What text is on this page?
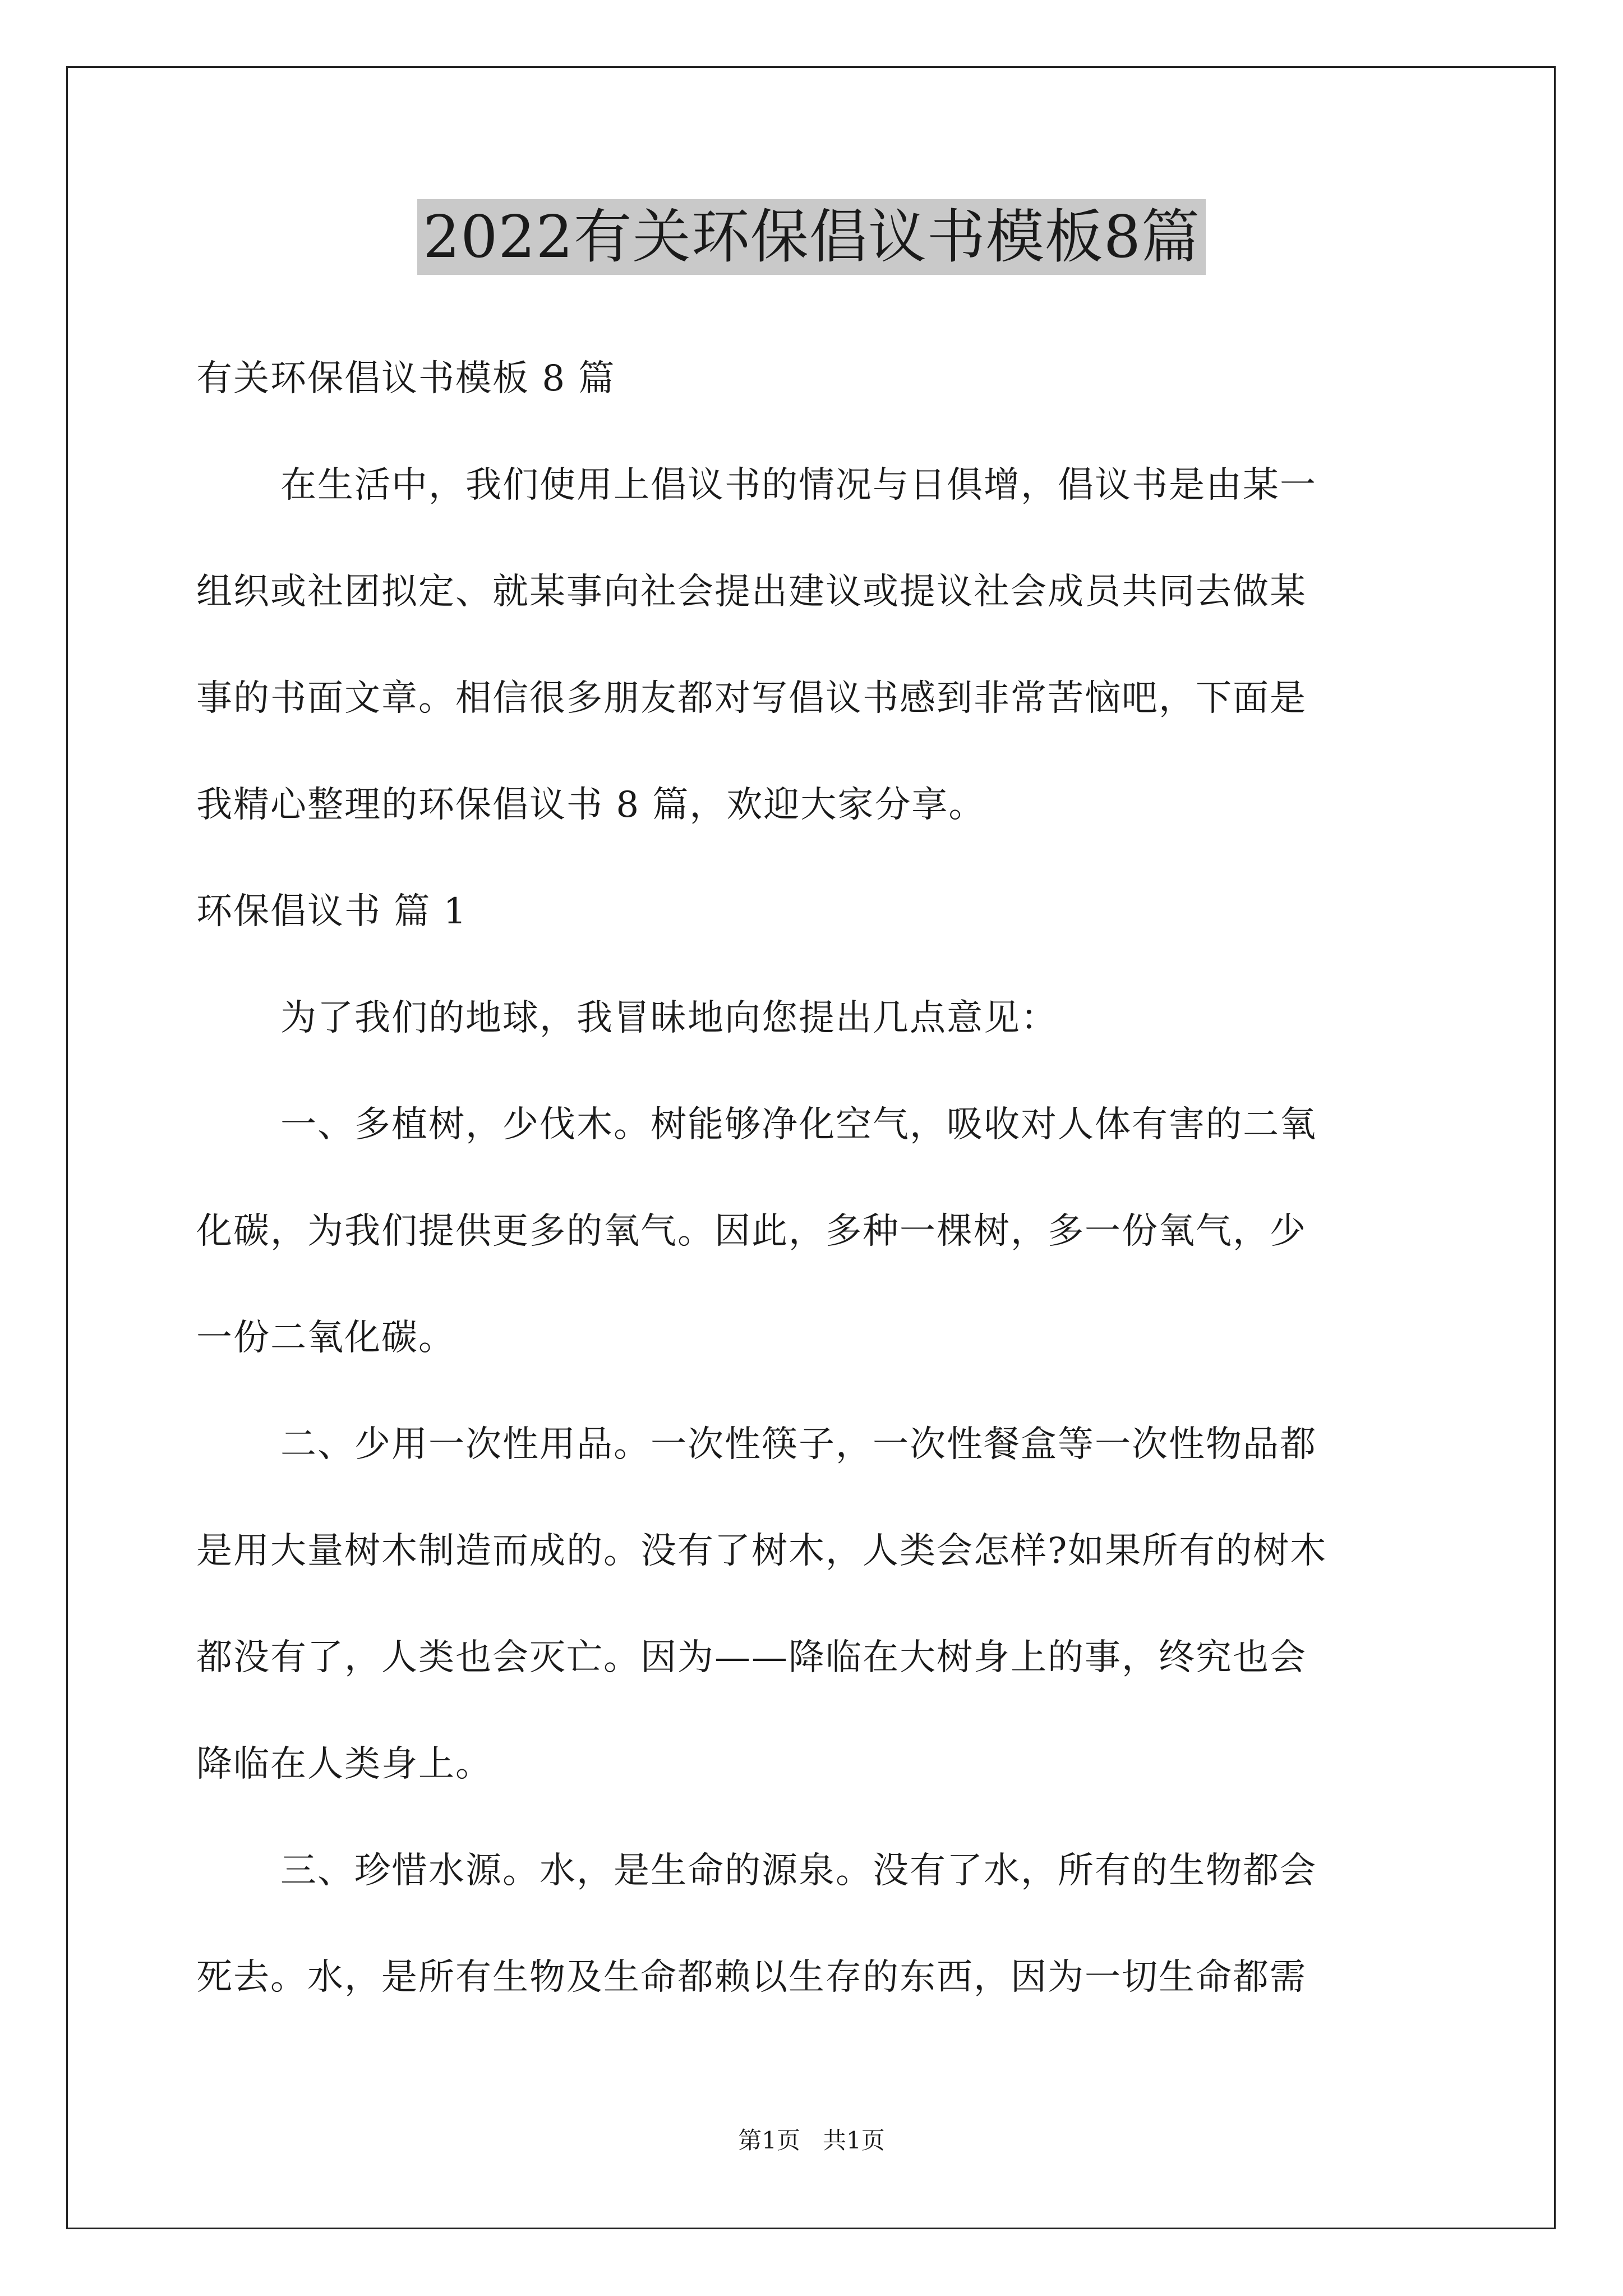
2022有关环保倡议书模板8篇
有关环保倡议书模板 8 篇
在生活中，我们使用上倡议书的情况与日俱增，倡议书是由某一
组织或社团拟定、就某事向社会提出建议或提议社会成员共同去做某
事的书面文章。相信很多朋友都对写倡议书感到非常苦恼吧，下面是
我精心整理的环保倡议书 8 篇，欢迎大家分享。
环保倡议书 篇 1
为了我们的地球，我冒昧地向您提出几点意见：
一、多植树，少伐木。树能够净化空气，吸收对人体有害的二氧
化碳，为我们提供更多的氧气。因此，多种一棵树，多一份氧气，少
一份二氧化碳。
二、少用一次性用品。一次性筷子，一次性餐盒等一次性物品都
是用大量树木制造而成的。没有了树木，人类会怎样?如果所有的树木
都没有了，人类也会灭亡。因为——降临在大树身上的事，终究也会
降临在人类身上。
三、珍惜水源。水，是生命的源泉。没有了水，所有的生物都会
死去。水，是所有生物及生命都赖以生存的东西，因为一切生命都需
第1页   共1页
